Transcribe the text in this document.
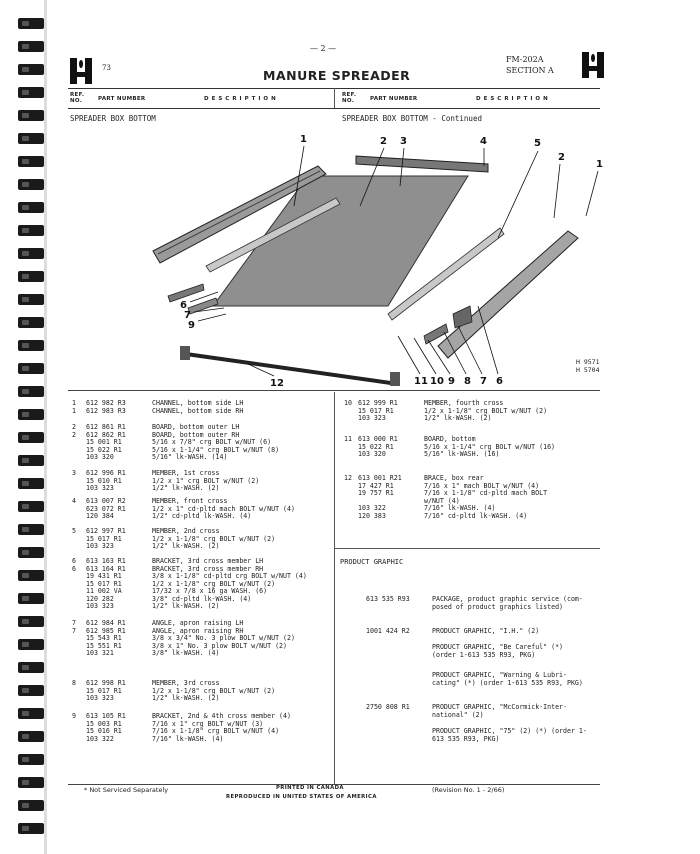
— 2 —
73
FM-202A
SECTION A
MANURE SPREADER
REF.
NO.	PART NUMBER	DESCRIPTION
REF.
NO.	PART NUMBER	DESCRIPTION
SPREADER BOX BOTTOM	SPREADER BOX BOTTOM - Continued
1	2 3	4	5
2
1
6
7
9
12	11 10 9 8 7 6
H 9571
H 5704
1 612 982 R3	CHANNEL, bottom side LH
1 612 983 R3	CHANNEL, bottom side RH
2 612 861 R1	BOARD, bottom outer LH
2 612 862 R1	BOARD, bottom outer RH
15 001 R1	5/16 x 7/8" crg BOLT w/NUT (6)
15 022 R1	5/16 x 1-1/4" crg BOLT w/NUT (8)
103 320	5/16" lk-WASH. (14)
3 612 996 R1	MEMBER, 1st cross
15 010 R1	1/2 x 1" crg BOLT w/NUT (2)
103 323	1/2" lk-WASH. (2)
4 613 007 R2	MEMBER, front cross
623 072 R1	1/2 x 1" cd-pltd mach BOLT w/NUT (4)
120 384	1/2" cd-pltd lk-WASH. (4)
5 612 997 R1	MEMBER, 2nd cross
15 017 R1	1/2 x 1-1/8" crg BOLT w/NUT (2)
103 323	1/2" lk-WASH. (2)
6 613 163 R1	BRACKET, 3rd cross member LH
6 613 164 R1	BRACKET, 3rd cross member RH
19 431 R1	3/8 x 1-1/8" cd-pltd crg BOLT w/NUT (4)
15 017 R1	1/2 x 1-1/8" crg BOLT w/NUT (2)
11 002 VA	17/32 x 7/8 x 16 ga WASH. (6)
120 282	3/8" cd-pltd lk-WASH. (4)
103 323	1/2" lk-WASH. (2)
7 612 984 R1	ANGLE, apron raising LH
7 612 985 R1	ANGLE, apron raising RH
15 543 R1	3/8 x 3/4" No. 3 plow BOLT w/NUT (2)
15 551 R1	3/8 x 1" No. 3 plow BOLT w/NUT (2)
103 321	3/8" lk-WASH. (4)
8 612 998 R1	MEMBER, 3rd cross
15 017 R1	1/2 x 1-1/8" crg BOLT w/NUT (2)
103 323	1/2" lk-WASH. (2)
9 613 105 R1	BRACKET, 2nd & 4th cross member (4)
15 003 R1	7/16 x 1" crg BOLT w/NUT (3)
15 016 R1	7/16 x 1-1/8" crg BOLT w/NUT (4)
103 322	7/16" lk-WASH. (4)
10 612 999 R1	MEMBER, fourth cross
15 017 R1	1/2 x 1-1/8" crg BOLT w/NUT (2)
103 323	1/2" lk-WASH. (2)
11 613 000 R1	BOARD, bottom
15 022 R1	5/16 x 1-1/4" crg BOLT w/NUT (16)
103 320	5/16" lk-WASH. (16)
12 613 001 R21	BRACE, box rear
17 427 R1	7/16 x 1" mach BOLT w/NUT (4)
19 757 R1	7/16 x 1-1/8" cd-pltd mach BOLT
w/NUT (4)
103 322	7/16" lk-WASH. (4)
120 383	7/16" cd-pltd lk-WASH. (4)
PRODUCT GRAPHIC
613 535 R93	PACKAGE, product graphic service (com-
posed of product graphics listed)
1001 424 R2	PRODUCT GRAPHIC, "I.H." (2)
PRODUCT GRAPHIC, "Be Careful" (*)
(order 1-613 535 R93, PKG)
PRODUCT GRAPHIC, "Warning & Lubri-
cating" (*) (order 1-613 535 R93, PKG)
2750 808 R1	PRODUCT GRAPHIC, "McCormick-Inter-
national" (2)
PRODUCT GRAPHIC, "75" (2) (*) (order 1-
613 535 R93, PKG)
* Not Serviced Separately	PRINTED IN CANADA
REPRODUCED IN UNITED STATES OF AMERICA
(Revision No. 1 - 2/66)
